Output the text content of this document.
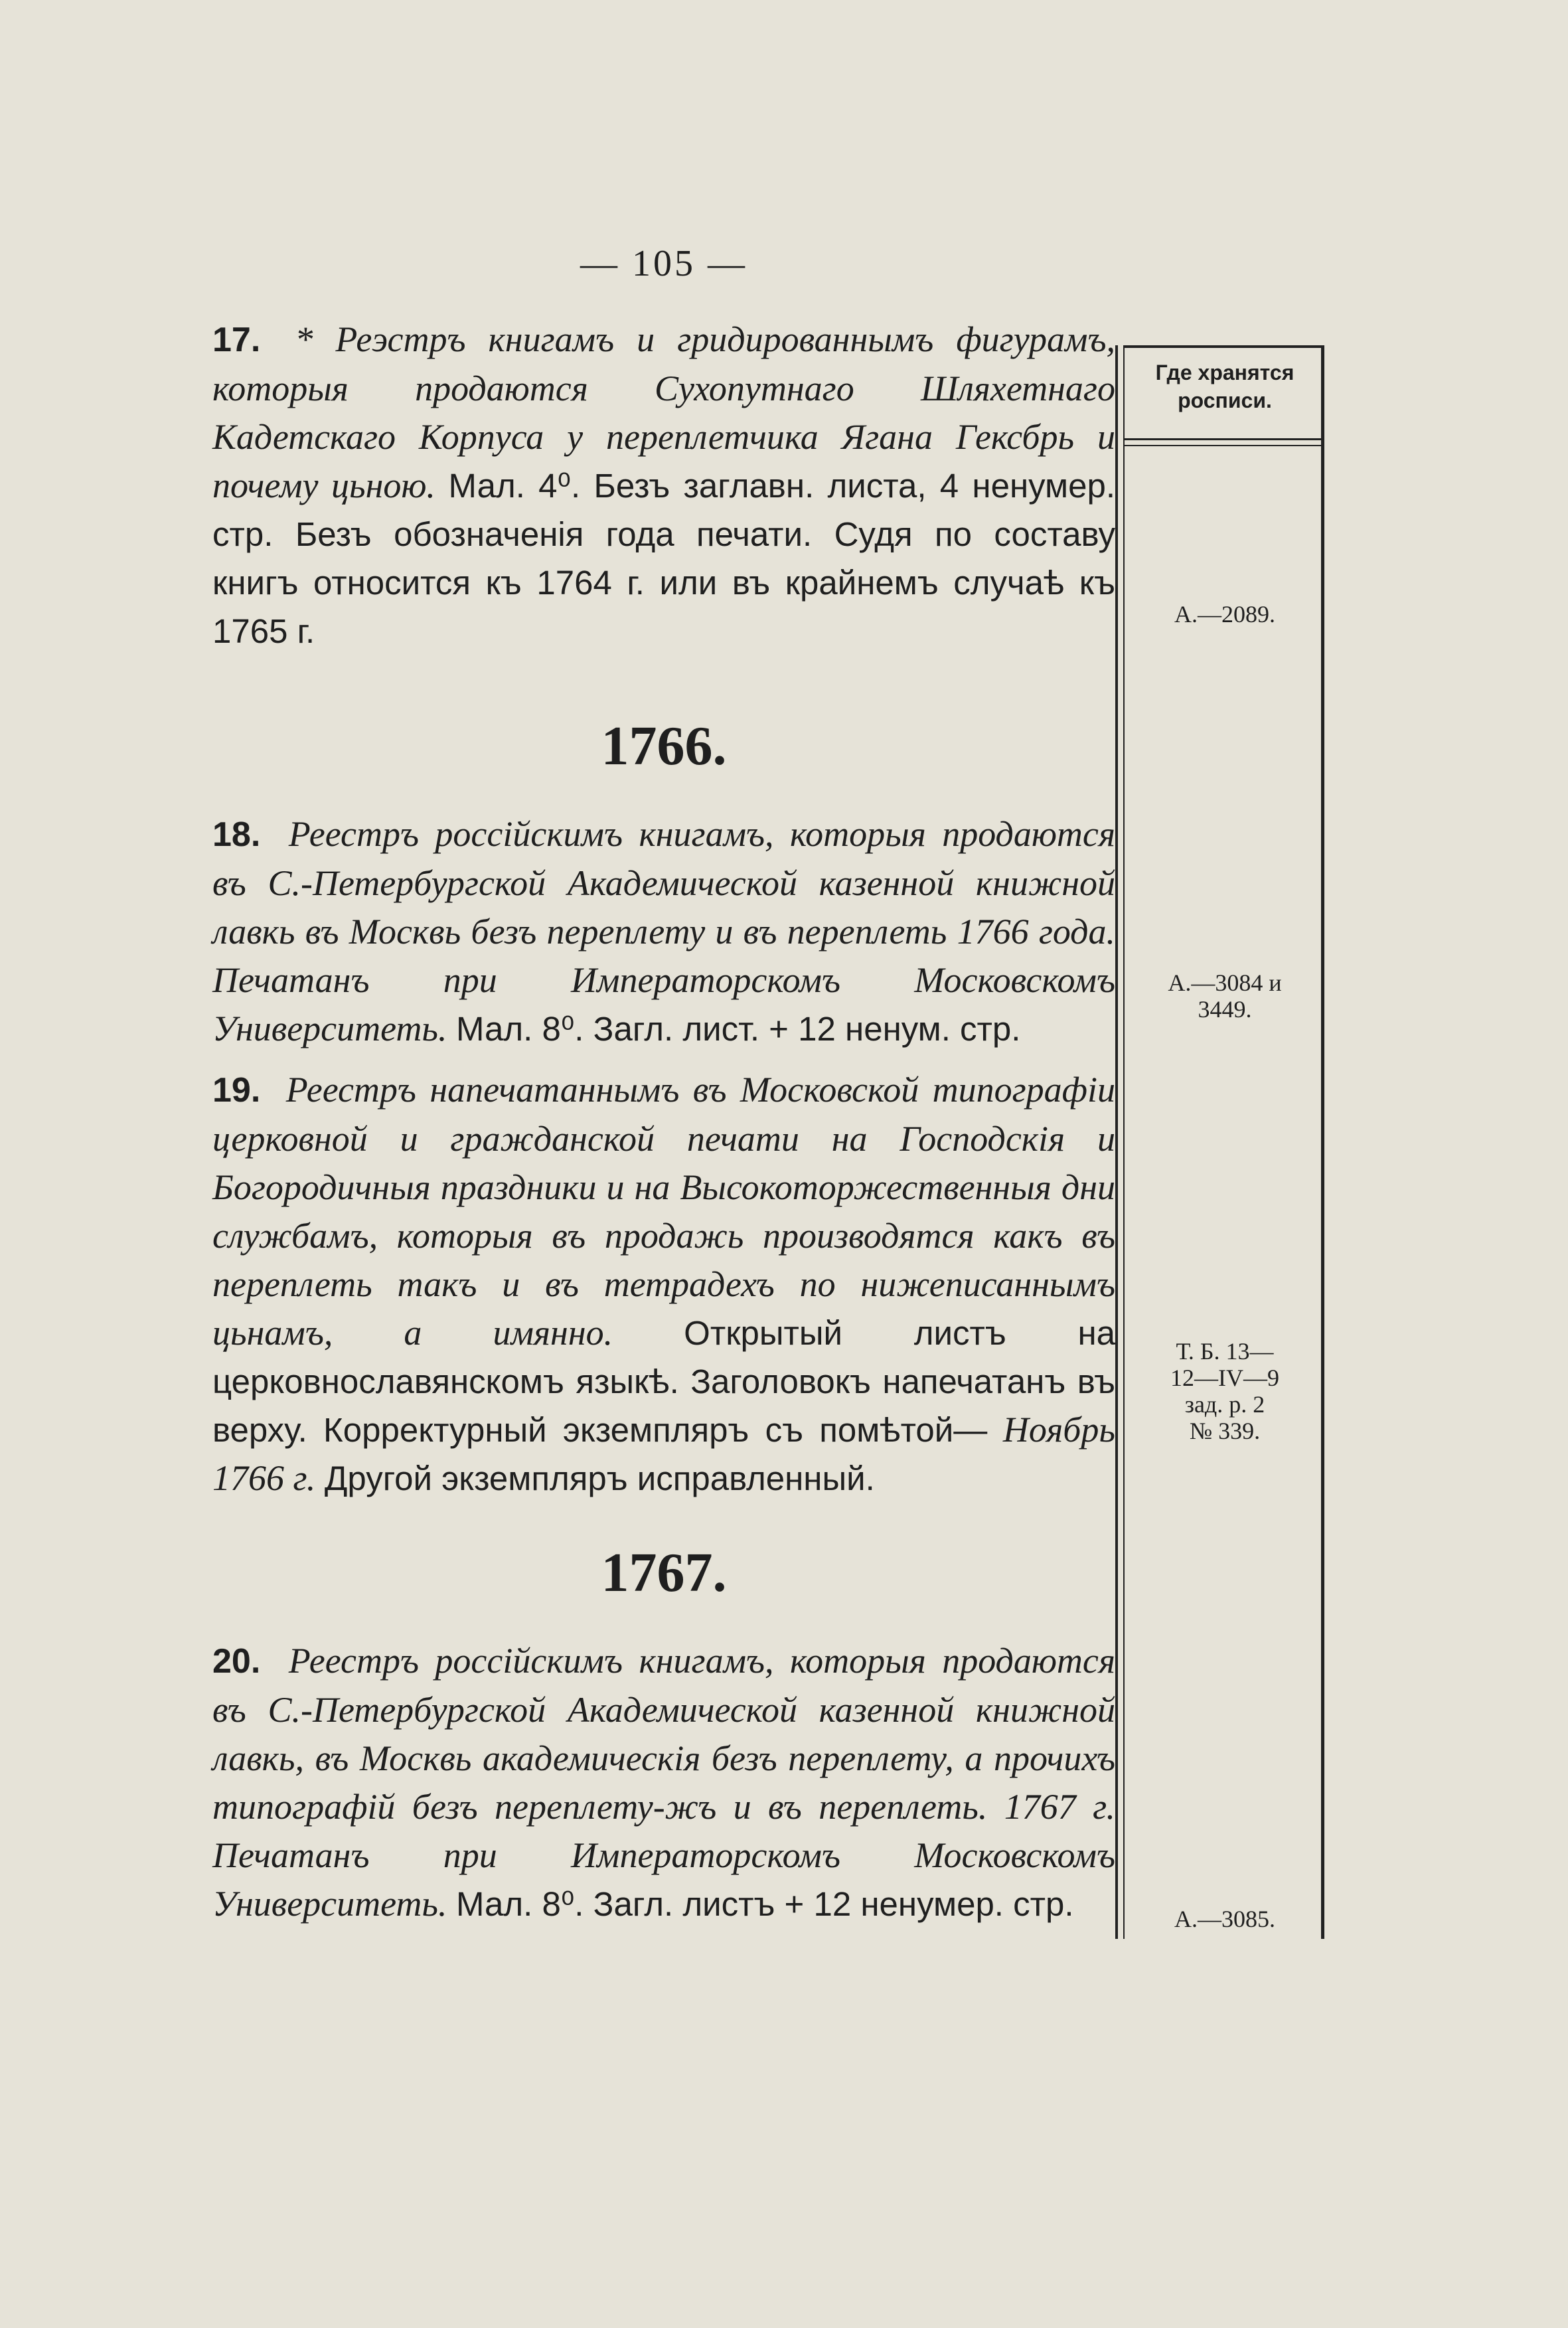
— 105 —
Где хранятся
росписи.
17. * Реэстръ книгамъ и гридированнымъ фигурамъ, которыя продаются Сухопутнаго Шляхетнаго Кадетскаго Корпуса у переплетчика Яганa Гексбрь и почему цьною. Мал. 4⁰. Безъ заглавн. листа, 4 ненумер. стр. Безъ обозначенія года печати. Судя по составу книгъ относится къ 1764 г. или въ крайнемъ случаѣ къ 1765 г.	А.—2089.
1766.
18. Реестръ россійскимъ книгамъ, которыя продаются въ С.-Петербургской Академической казенной книжной лавкь въ Москвь безъ переплету и въ переплеть 1766 года. Печатанъ при Императорскомъ Московскомъ Университеть. Мал. 8⁰. Загл. лист. + 12 ненум. стр.
А.—3084 и
3449.
19. Реестръ напечатаннымъ въ Московской типографіи церковной и гражданской печати на Господскія и Богородичныя праздники и на Высокоторжественныя дни службамъ, которыя въ продажь производятся какъ въ переплеть такъ и въ тетрадехъ по нижеписаннымъ цьнамъ, а имянно. Открытый листъ на церковнославянскомъ языкѣ. Заголовокъ напечатанъ въ верху. Корректурный экземпляръ съ помѣтой— Ноябрь 1766 г. Другой экземпляръ исправленный.
Т. Б. 13—
12—IV—9
зад. р. 2
№ 339.
1767.
20. Реестръ россійскимъ книгамъ, которыя продаются въ С.-Петербургской Академической казенной книжной лавкь, въ Москвь академическія безъ переплету, а прочихъ типографій безъ переплету-жъ и въ переплеть. 1767 г. Печатанъ при Императорскомъ Московскомъ Университеть. Мал. 8⁰. Загл. листъ + 12 ненумер. стр.	А.—3085.
